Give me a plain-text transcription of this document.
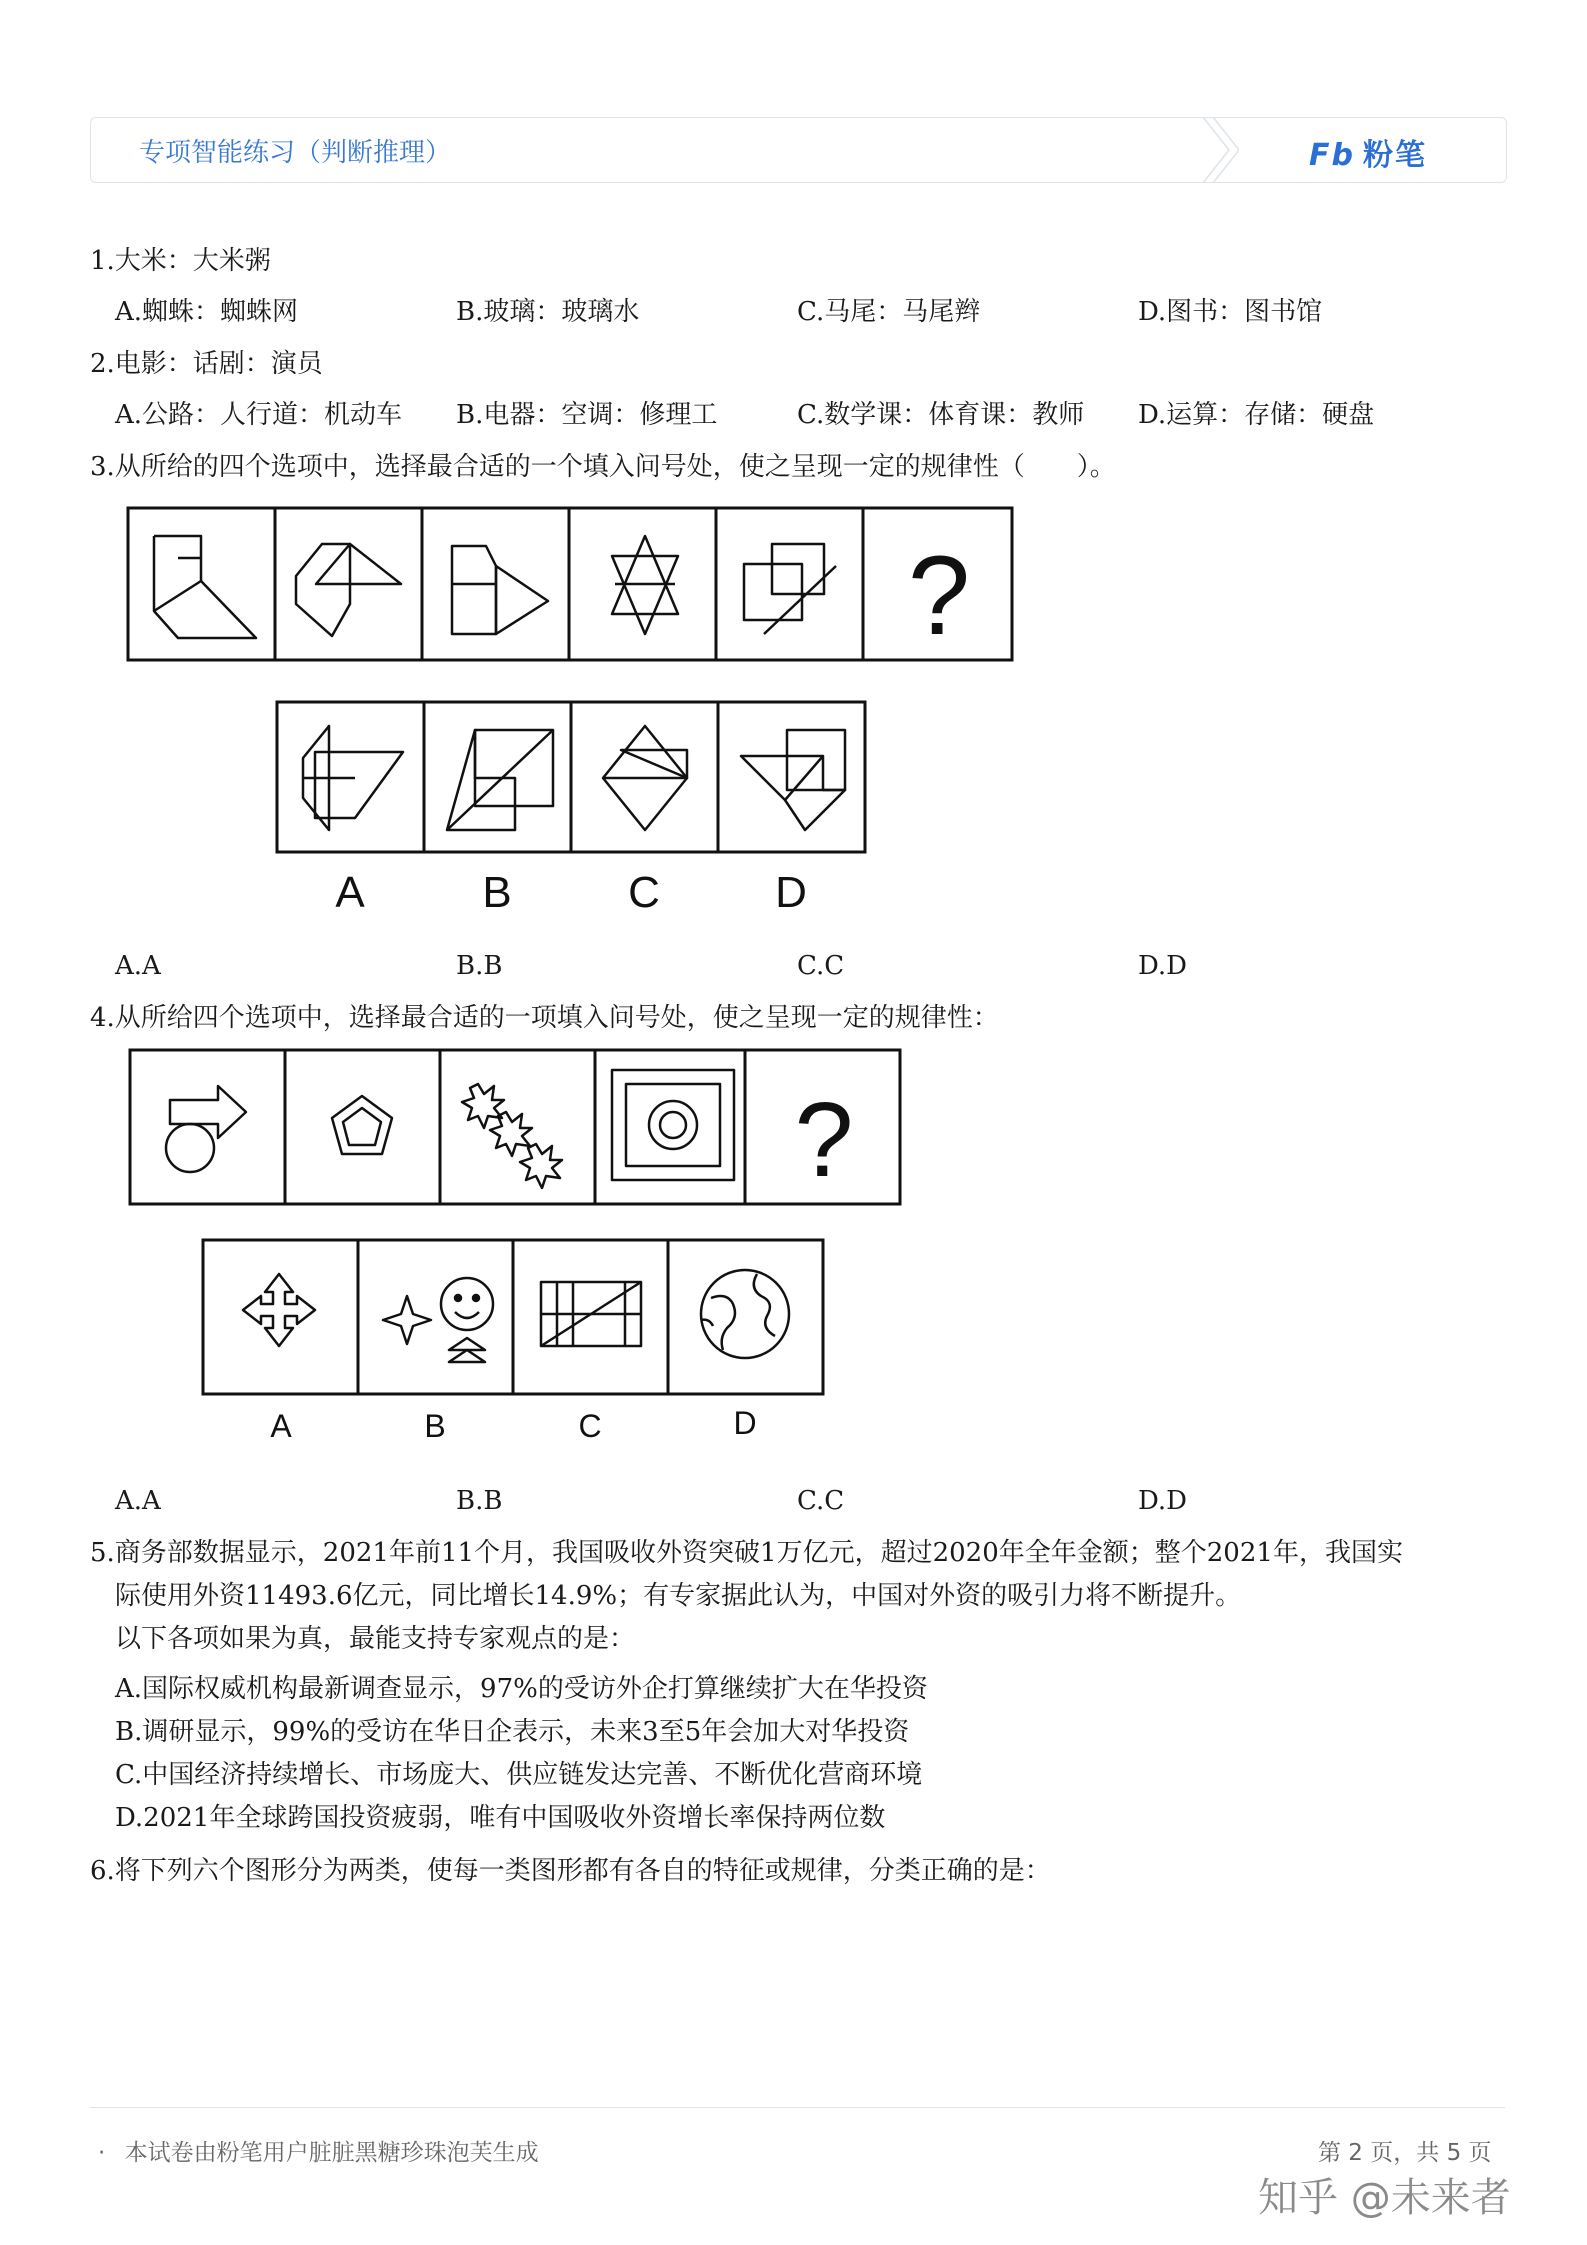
专项智能练习（判断推理）	Fb 粉笔
1.大米：大米粥
A.蜘蛛：蜘蛛网	B.玻璃：玻璃水	C.马尾：马尾辫	D.图书：图书馆
2.电影：话剧：演员
A.公路：人行道：机动车 B.电器：空调：修理工	C.数学课：体育课：教师 D.运算：存储：硬盘
3.从所给的四个选项中，选择最合适的一个填入问号处，使之呈现一定的规律性（　　）。
?
A	B	C	D
A.A	B.B	C.C	D.D
4.从所给四个选项中，选择最合适的一项填入问号处，使之呈现一定的规律性：
?
A	B	C	D
A.A	B.B	C.C	D.D
5.商务部数据显示，2021年前11个月，我国吸收外资突破1万亿元，超过2020年全年金额；整个2021年，我国实
际使用外资11493.6亿元，同比增长14.9%；有专家据此认为，中国对外资的吸引力将不断提升。
以下各项如果为真，最能支持专家观点的是：
A.国际权威机构最新调查显示，97%的受访外企打算继续扩大在华投资
B.调研显示，99%的受访在华日企表示，未来3至5年会加大对华投资
C.中国经济持续增长、市场庞大、供应链发达完善、不断优化营商环境
D.2021年全球跨国投资疲弱，唯有中国吸收外资增长率保持两位数
6.将下列六个图形分为两类，使每一类图形都有各自的特征或规律，分类正确的是：
· 本试卷由粉笔用户脏脏黑糖珍珠泡芙生成	第 2 页，共 5 页
知乎 @未来者
